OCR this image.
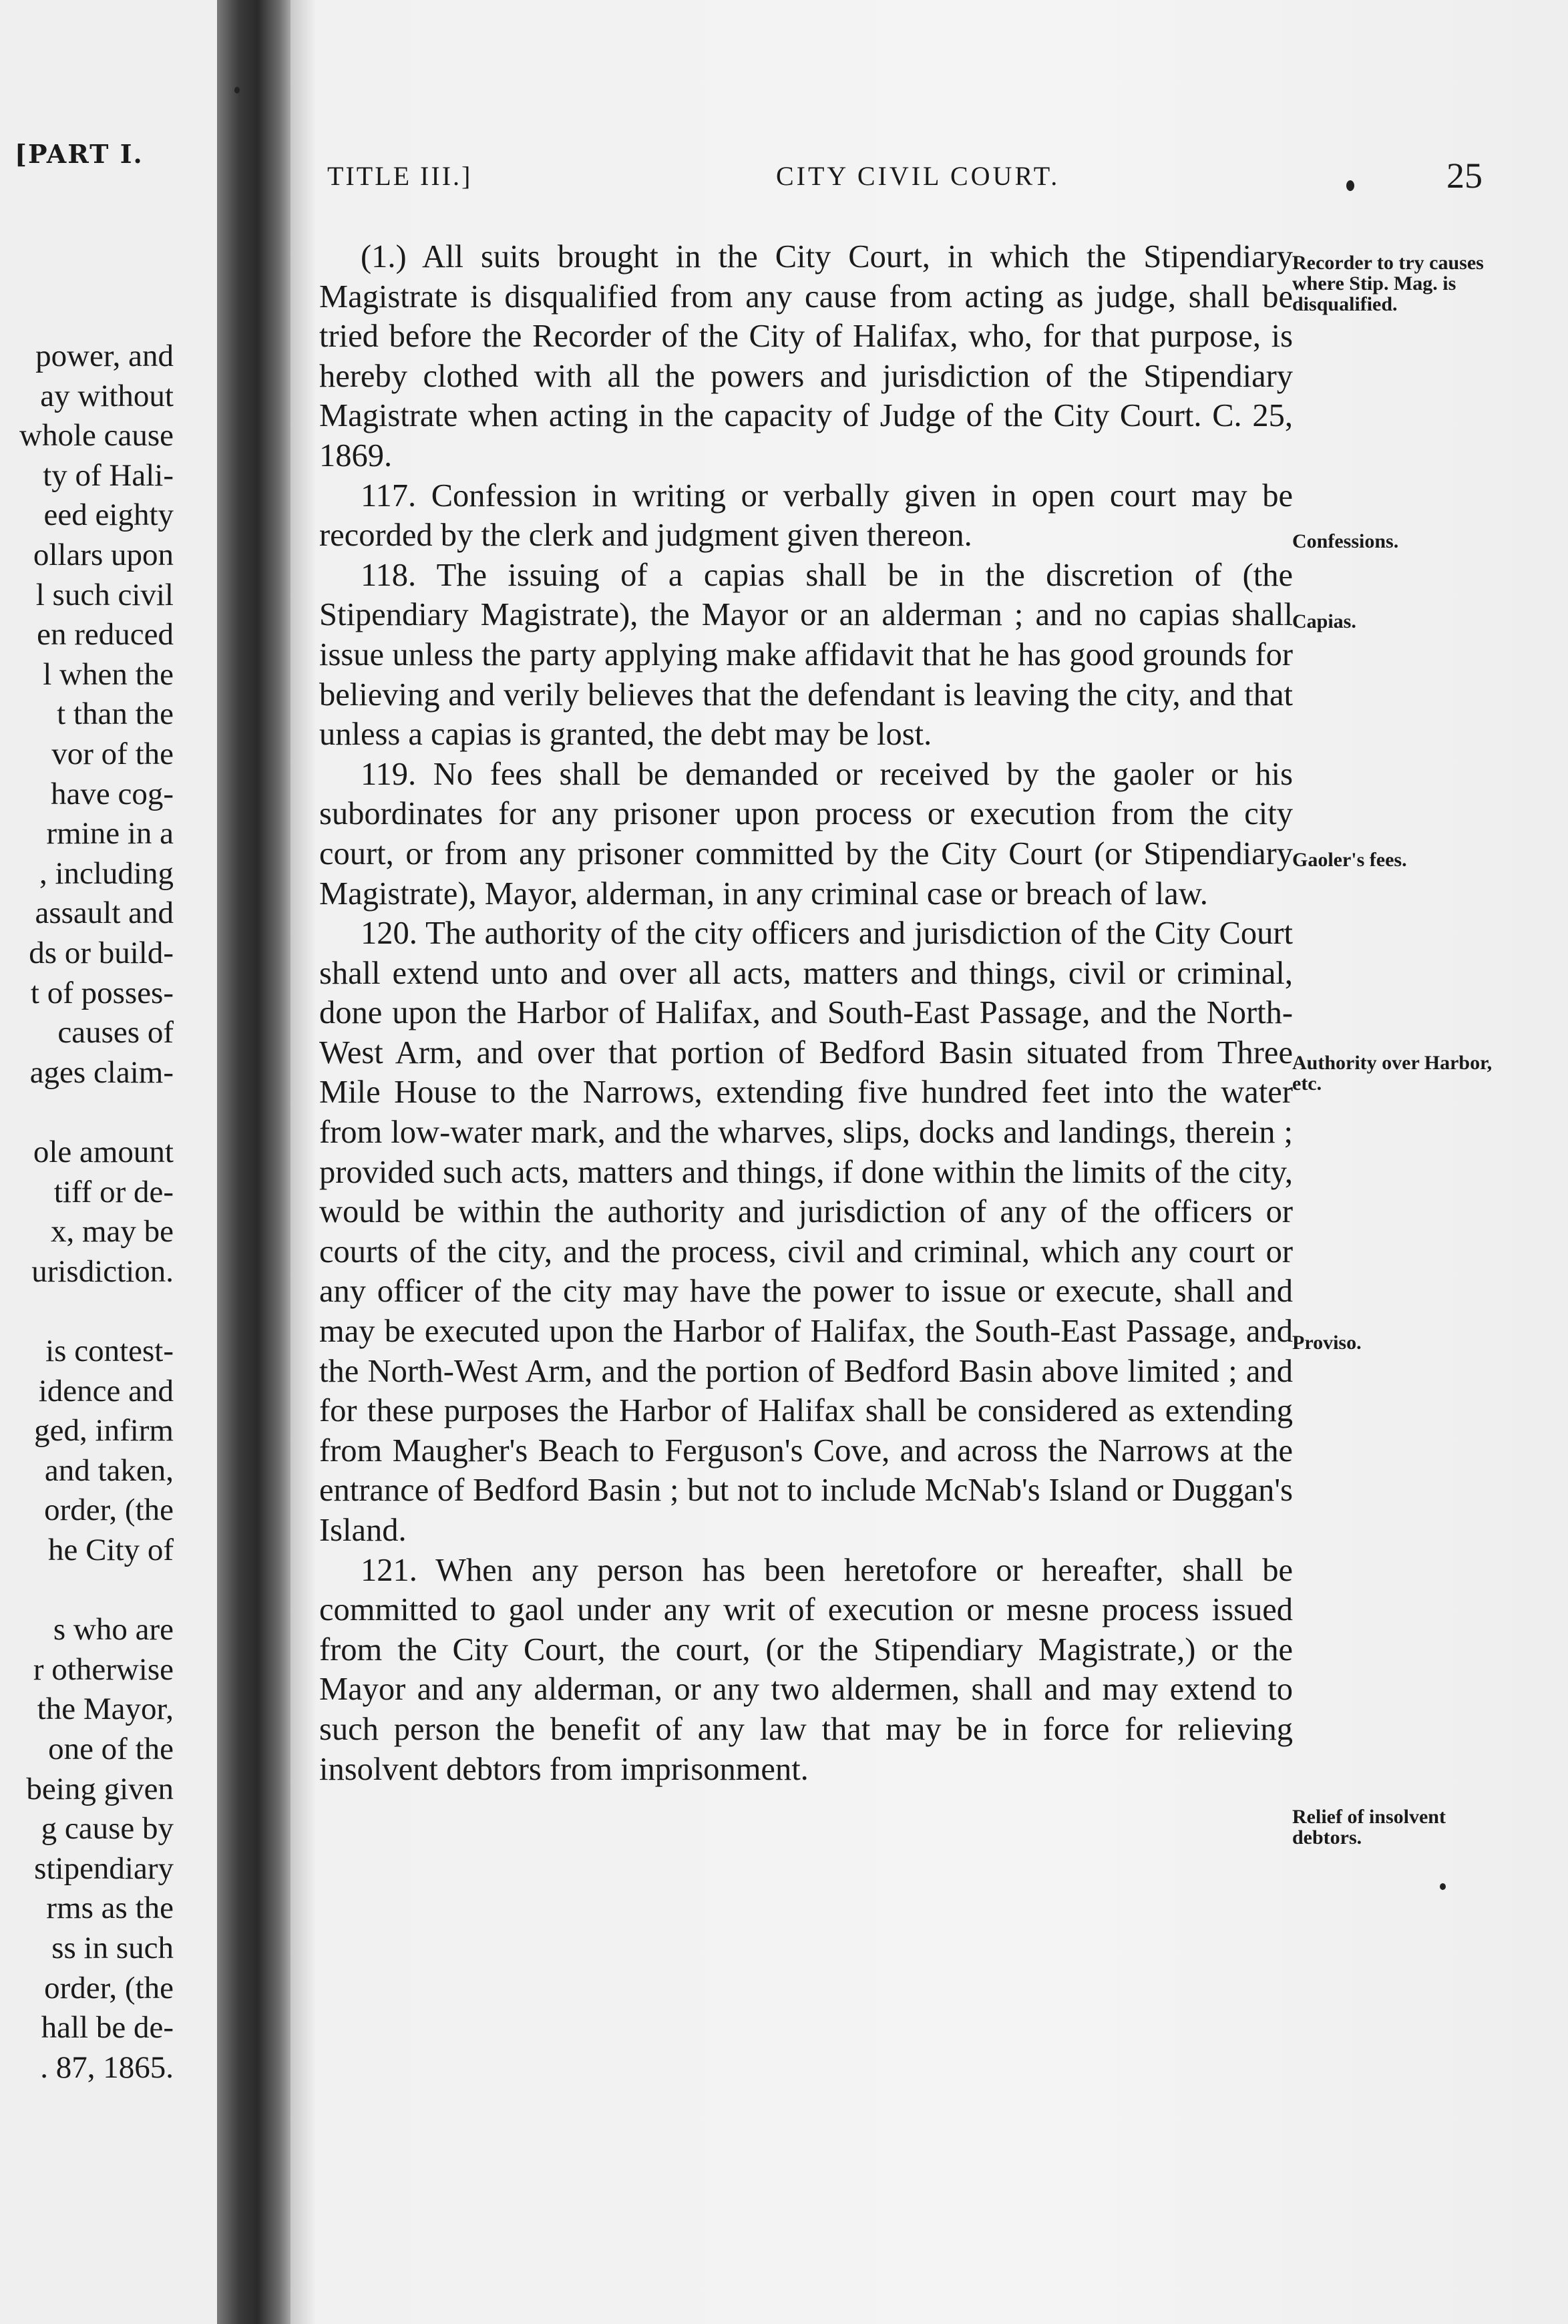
[PART I.
power, and
ay without
whole cause
ty of Hali-
eed eighty
ollars upon
l such civil
en reduced
l when the
t than the
vor of the
have cog-
rmine in a
, including
assault and
ds or build-
t of posses-
causes of
ages claim-
ole amount
tiff or de-
x, may be
urisdiction.
is contest-
idence and
ged, infirm
and taken,
order, (the
he City of
s who are
r otherwise
the Mayor,
one of the
being given
g cause by
stipendiary
rms as the
ss in such
order, (the
hall be de-
. 87, 1865.
TITLE III.]	CITY CIVIL COURT.	25

(1.) All suits brought in the City Court, in which the Stipendiary Magistrate is disqualified from any cause from acting as judge, shall be tried before the Recorder of the City of Halifax, who, for that purpose, is hereby clothed with all the powers and jurisdiction of the Stipendiary Magistrate when acting in the capacity of Judge of the City Court. C. 25, 1869.

117. Confession in writing or verbally given in open court may be recorded by the clerk and judgment given thereon.

118. The issuing of a capias shall be in the discretion of (the Stipendiary Magistrate), the Mayor or an alderman ; and no capias shall issue unless the party applying make affidavit that he has good grounds for believing and verily believes that the defendant is leaving the city, and that unless a capias is granted, the debt may be lost.

119. No fees shall be demanded or received by the gaoler or his subordinates for any prisoner upon process or execution from the city court, or from any prisoner committed by the City Court (or Stipendiary Magistrate), Mayor, alderman, in any criminal case or breach of law.

120. The authority of the city officers and jurisdiction of the City Court shall extend unto and over all acts, matters and things, civil or criminal, done upon the Harbor of Halifax, and South-East Passage, and the North-West Arm, and over that portion of Bedford Basin situated from Three Mile House to the Narrows, extending five hundred feet into the water from low-water mark, and the wharves, slips, docks and landings, therein ; provided such acts, matters and things, if done within the limits of the city, would be within the authority and jurisdiction of any of the officers or courts of the city, and the process, civil and criminal, which any court or any officer of the city may have the power to issue or execute, shall and may be executed upon the Harbor of Halifax, the South-East Passage, and the North-West Arm, and the portion of Bedford Basin above limited ; and for these purposes the Harbor of Halifax shall be considered as extending from Maugher's Beach to Ferguson's Cove, and across the Narrows at the entrance of Bedford Basin ; but not to include McNab's Island or Duggan's Island.

121. When any person has been heretofore or hereafter, shall be committed to gaol under any writ of execution or mesne process issued from the City Court, the court, (or the Stipendiary Magistrate,) or the Mayor and any alderman, or any two aldermen, shall and may extend to such person the benefit of any law that may be in force for relieving insolvent debtors from imprisonment.

Recorder to try causes where Stip. Mag. is disqualified.
Confessions.
Capias.
Gaoler's fees.
Authority over Harbor, etc.
Proviso.
Relief of insolvent debtors.
